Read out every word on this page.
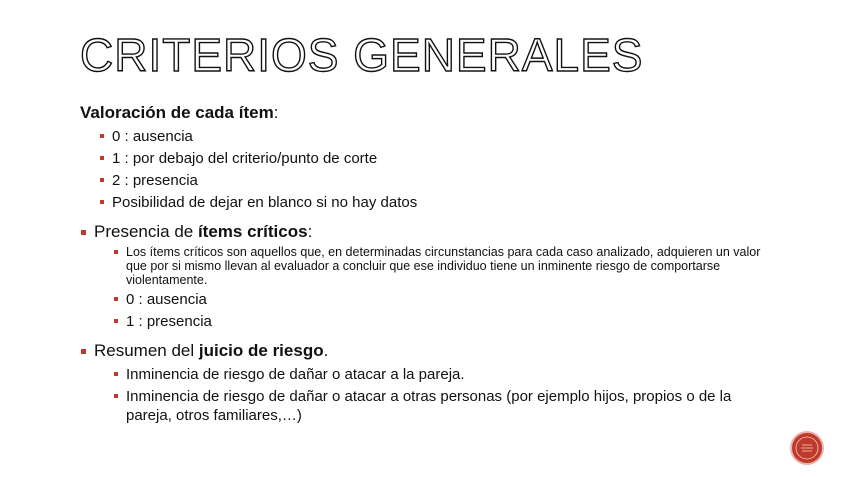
CRITERIOS GENERALES
Valoración de cada ítem:
0 : ausencia
1 : por debajo del criterio/punto de corte
2 : presencia
Posibilidad de dejar en blanco si no hay datos
Presencia de ítems críticos:
Los ítems críticos son aquellos que, en determinadas circunstancias para cada caso analizado, adquieren un valor que por si mismo llevan al evaluador a concluir que ese individuo tiene un inminente riesgo de comportarse violentamente.
0 : ausencia
1 : presencia
Resumen del juicio de riesgo.
Inminencia de riesgo de dañar o atacar a la pareja.
Inminencia de riesgo de dañar o atacar a otras personas (por ejemplo hijos, propios o de la pareja, otros familiares,…)
